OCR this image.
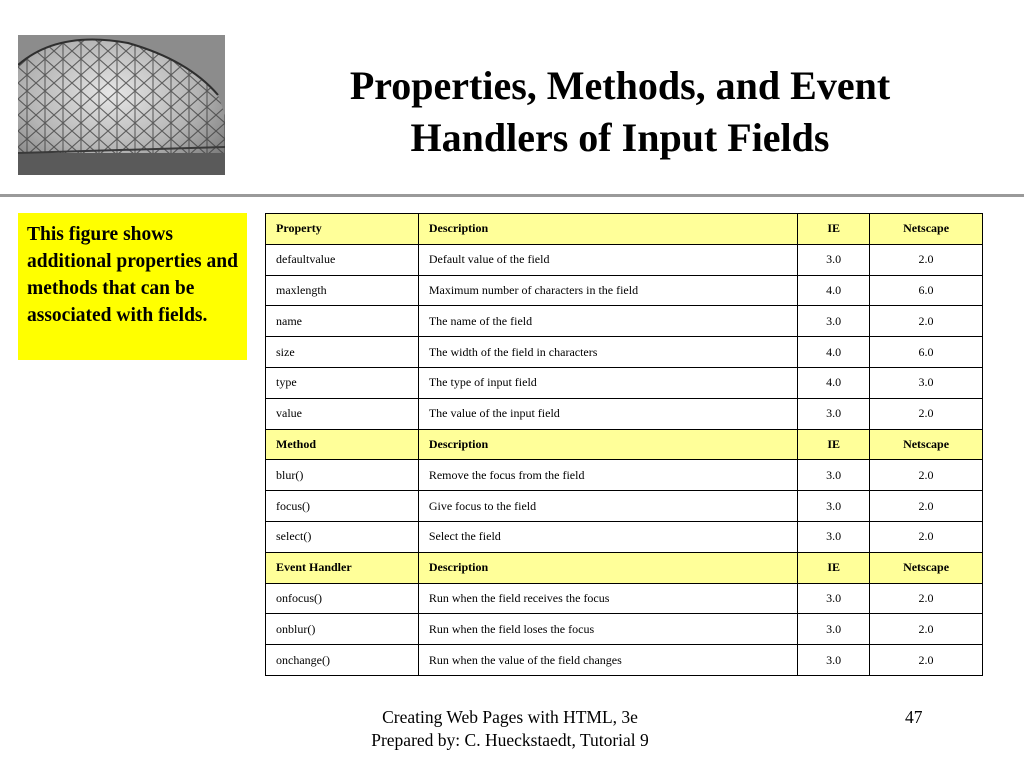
Properties, Methods, and Event
Handlers of Input Fields
This figure shows additional properties and methods that can be associated with fields.
Property	Description	IE	Netscape
defaultvalue	Default value of the field	3.0	2.0
maxlength	Maximum number of characters in the field	4.0	6.0
name	The name of the field	3.0	2.0
size	The width of the field in characters	4.0	6.0
type	The type of input field	4.0	3.0
value	The value of the input field	3.0	2.0
Method	Description	IE	Netscape
blur()	Remove the focus from the field	3.0	2.0
focus()	Give focus to the field	3.0	2.0
select()	Select the field	3.0	2.0
Event Handler	Description	IE	Netscape
onfocus()	Run when the field receives the focus	3.0	2.0
onblur()	Run when the field loses the focus	3.0	2.0
onchange()	Run when the value of the field changes	3.0	2.0
Creating Web Pages with HTML, 3e
Prepared by: C. Hueckstaedt, Tutorial 9
47
